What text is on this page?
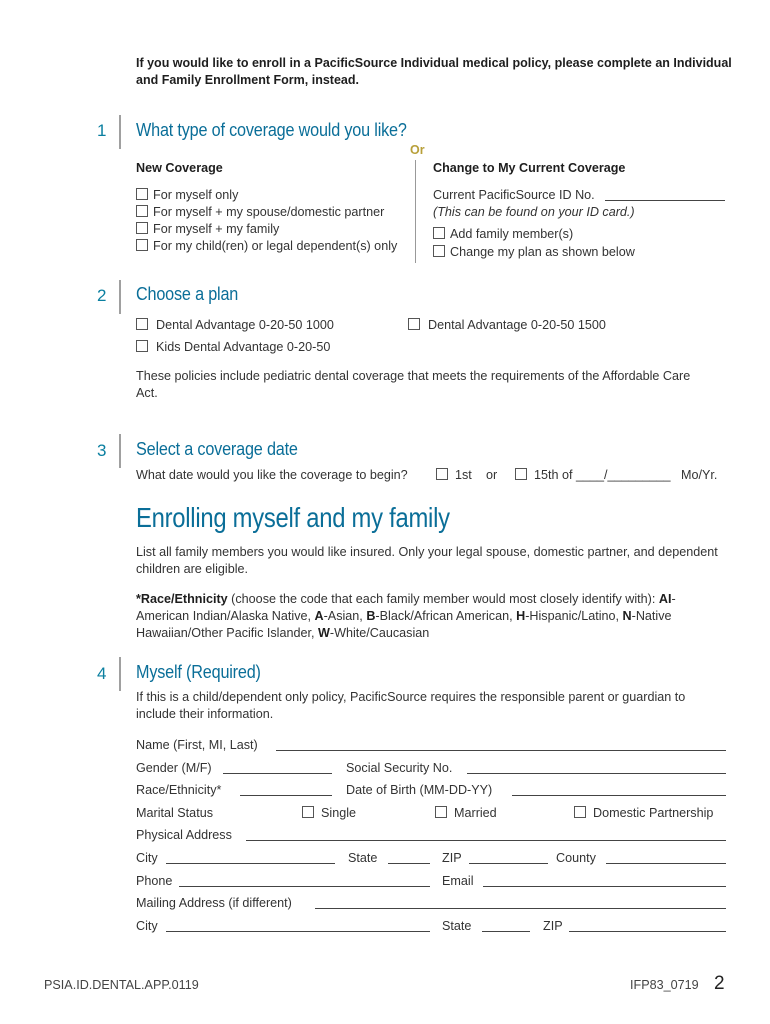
If you would like to enroll in a PacificSource Individual medical policy, please complete an Individual and Family Enrollment Form, instead.
1 What type of coverage would you like?
Or
New Coverage
For myself only
For myself + my spouse/domestic partner
For myself + my family
For my child(ren) or legal dependent(s) only
Change to My Current Coverage
Current PacificSource ID No.
(This can be found on your ID card.)
Add family member(s)
Change my plan as shown below
2 Choose a plan
Dental Advantage 0-20-50 1000	Dental Advantage 0-20-50 1500
Kids Dental Advantage 0-20-50
These policies include pediatric dental coverage that meets the requirements of the Affordable Care Act.
3 Select a coverage date
What date would you like the coverage to begin?	1st or	15th of ____/_________ Mo/Yr.
Enrolling myself and my family
List all family members you would like insured. Only your legal spouse, domestic partner, and dependent children are eligible.
*Race/Ethnicity (choose the code that each family member would most closely identify with): AI-American Indian/Alaska Native, A-Asian, B-Black/African American, H-Hispanic/Latino, N-Native Hawaiian/Other Pacific Islander, W-White/Caucasian
4 Myself (Required)
If this is a child/dependent only policy, PacificSource requires the responsible parent or guardian to include their information.
Name (First, MI, Last)
Gender (M/F)	Social Security No.
Race/Ethnicity*	Date of Birth (MM-DD-YY)
Marital Status	Single	Married	Domestic Partnership
Physical Address
City	State	ZIP	County
Phone	Email
Mailing Address (if different)
City	State	ZIP
PSIA.ID.DENTAL.APP.0119	IFP83_0719 2
